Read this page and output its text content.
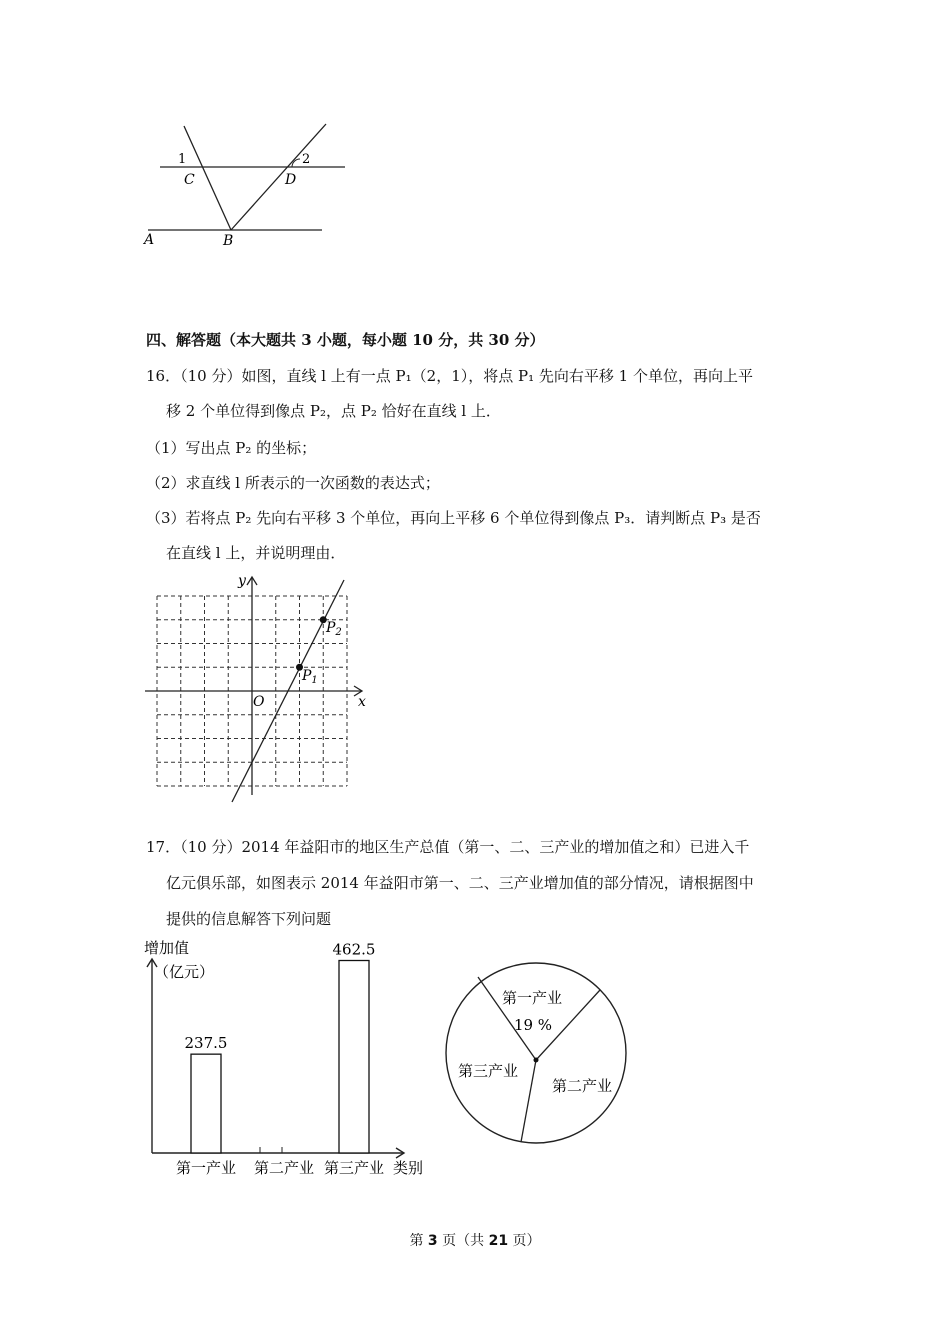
1	2
C	D
A	B
四、解答题（本大题共 3 小题，每小题 10 分，共 30 分）
16．（10 分）如图，直线 l 上有一点 P₁（2，1），将点 P₁ 先向右平移 1 个单位，再向上平
移 2 个单位得到像点 P₂，点 P₂ 恰好在直线 l 上．
（1）写出点 P₂ 的坐标；
（2）求直线 l 所表示的一次函数的表达式；
（3）若将点 P₂ 先向右平移 3 个单位，再向上平移 6 个单位得到像点 P₃．请判断点 P₃ 是否
在直线 l 上，并说明理由．
y
x
O
$P_1$
$P_2$
17．（10 分）2014 年益阳市的地区生产总值（第一、二、三产业的增加值之和）已进入千
亿元俱乐部，如图表示 2014 年益阳市第一、二、三产业增加值的部分情况，请根据图中
提供的信息解答下列问题
增加值
（亿元）
类别
237.5
462.5
第一产业 第二产业 第三产业
第一产业
19 %
第二产业
第三产业
第 3 页（共 21 页）
